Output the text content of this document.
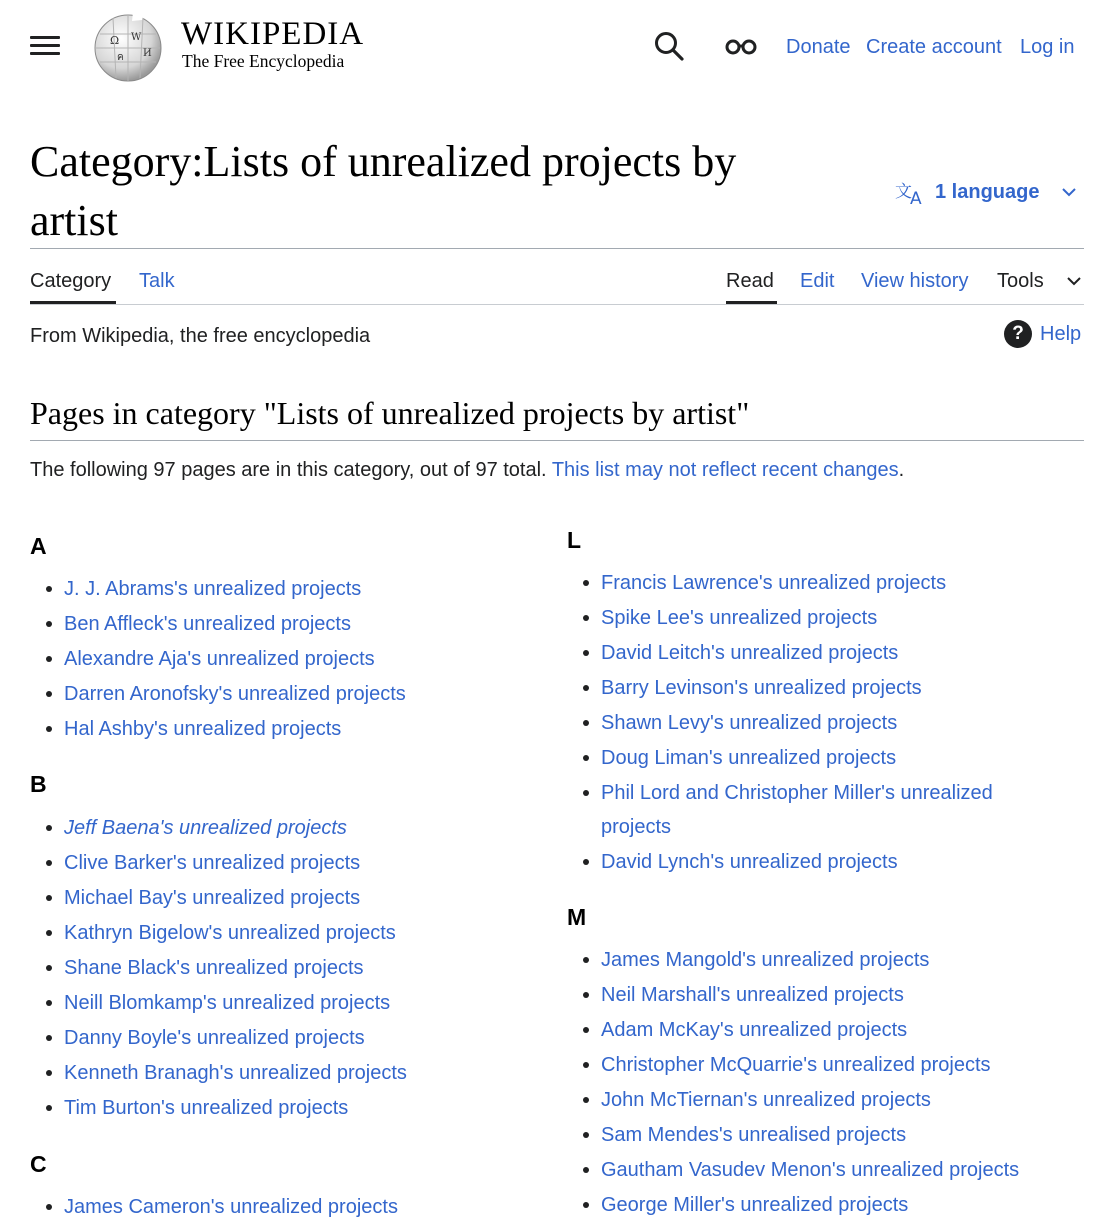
Ω W
И
ค
WIKIPEDIA
The Free Encyclopedia
Donate Create account Log in
Category:Lists of unrealized projects by artist
文
A 1 language
Category Talk	Read Edit View history Tools
From Wikipedia, the free encyclopedia	? Help
Pages in category "Lists of unrealized projects by artist"
The following 97 pages are in this category, out of 97 total. This list may not reflect recent changes.
A
J. J. Abrams's unrealized projects
Ben Affleck's unrealized projects
Alexandre Aja's unrealized projects
Darren Aronofsky's unrealized projects
Hal Ashby's unrealized projects
B
Jeff Baena's unrealized projects
Clive Barker's unrealized projects
Michael Bay's unrealized projects
Kathryn Bigelow's unrealized projects
Shane Black's unrealized projects
Neill Blomkamp's unrealized projects
Danny Boyle's unrealized projects
Kenneth Branagh's unrealized projects
Tim Burton's unrealized projects
C
James Cameron's unrealized projects
L
Francis Lawrence's unrealized projects
Spike Lee's unrealized projects
David Leitch's unrealized projects
Barry Levinson's unrealized projects
Shawn Levy's unrealized projects
Doug Liman's unrealized projects
Phil Lord and Christopher Miller's unrealized
projects
David Lynch's unrealized projects
M
James Mangold's unrealized projects
Neil Marshall's unrealized projects
Adam McKay's unrealized projects
Christopher McQuarrie's unrealized projects
John McTiernan's unrealized projects
Sam Mendes's unrealised projects
Gautham Vasudev Menon's unrealized projects
George Miller's unrealized projects
